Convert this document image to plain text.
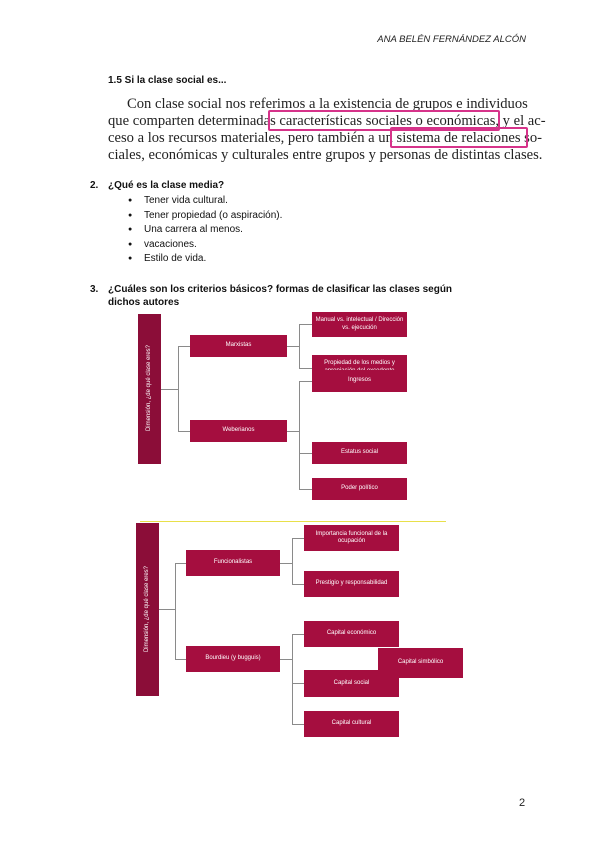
ANA BELÉN FERNÁNDEZ ALCÓN
1.5 Si la clase social es...
Con clase social nos referimos a la existencia de grupos e individuos
que comparten determinadas características sociales o económicas, y el ac-
ceso a los recursos materiales, pero también a un sistema de relaciones so-
ciales, económicas y culturales entre grupos y personas de distintas clases.
2. ¿Qué es la clase media?
● Tener vida cultural.
● Tener propiedad (o aspiración).
● Una carrera al menos.
● vacaciones.
● Estilo de vida.
3. ¿Cuáles son los criterios básicos? formas de clasificar las clases según
dichos autores
Dimensión, ¿de qué clase eres?	Marxistas
Weberianos
Manual vs. intelectual / Dirección vs. ejecución
Propiedad de los medios y
Ingresos
Estatus social
Poder político
Dimensión, ¿de qué clase eres?
Funcionalistas
Bourdieu (y bugguis)
Importancia funcional de la ocupación
Prestigio y responsabilidad
Capital económico
Capital simbólico
Capital social
Capital cultural
2
